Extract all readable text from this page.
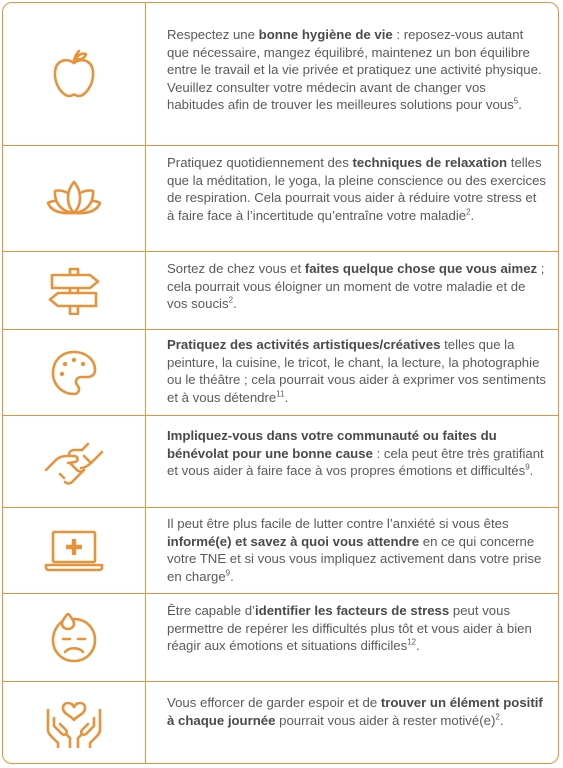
Respectez une bonne hygiène de vie : reposez-vous autant que nécessaire, mangez équilibré, maintenez un bon équilibre entre le travail et la vie privée et pratiquez une activité physique. Veuillez consulter votre médecin avant de changer vos habitudes afin de trouver les meilleures solutions pour vous$^5$.

Pratiquez quotidiennement des techniques de relaxation telles que la méditation, le yoga, la pleine conscience ou des exercices de respiration. Cela pourrait vous aider à réduire votre stress et à faire face à l’incertitude qu’entraîne votre maladie$^2$.

Sortez de chez vous et faites quelque chose que vous aimez ; cela pourrait vous éloigner un moment de votre maladie et de vos soucis$^2$.

Pratiquez des activités artistiques/créatives telles que la peinture, la cuisine, le tricot, le chant, la lecture, la photographie ou le théâtre ; cela pourrait vous aider à exprimer vos sentiments et à vous détendre$^{11}$.

Impliquez-vous dans votre communauté ou faites du bénévolat pour une bonne cause : cela peut être très gratifiant et vous aider à faire face à vos propres émotions et difficultés$^9$.

Il peut être plus facile de lutter contre l’anxiété si vous êtes informé(e) et savez à quoi vous attendre en ce qui concerne votre TNE et si vous vous impliquez activement dans votre prise en charge$^9$.

Être capable d’identifier les facteurs de stress peut vous permettre de repérer les difficultés plus tôt et vous aider à bien réagir aux émotions et situations difficiles$^{12}$.

Vous efforcer de garder espoir et de trouver un élément positif à chaque journée pourrait vous aider à rester $motivé(e)^2$.
